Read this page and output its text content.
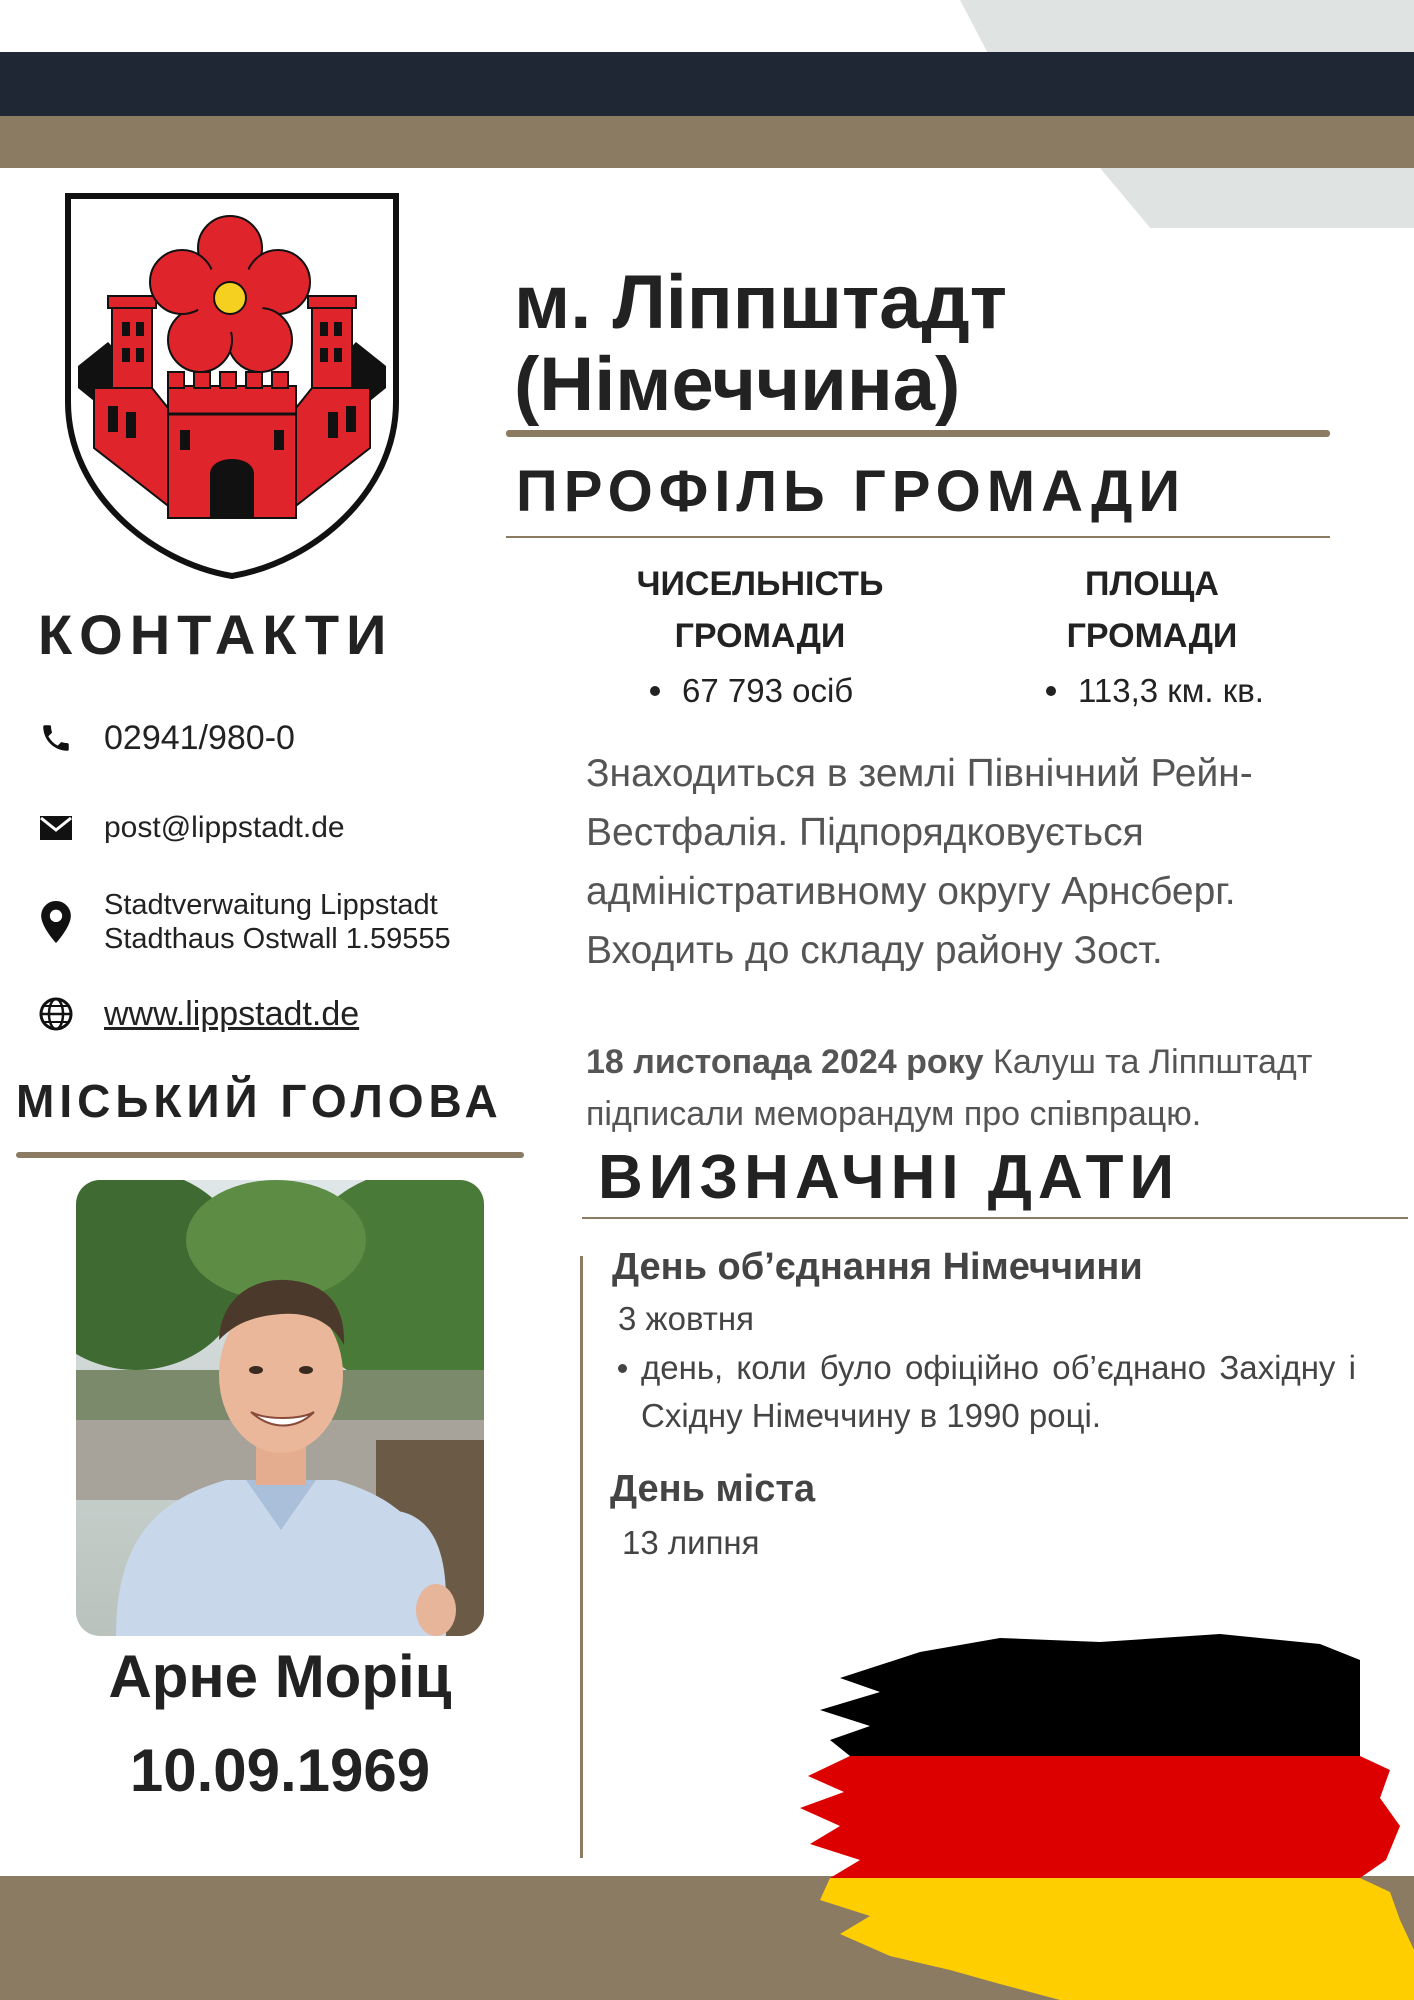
КОНТАКТИ
02941/980-0
post@lippstadt.de
Stadtverwaitung Lippstadt
Stadthaus Ostwall 1.59555
www.lippstadt.de
МІСЬКИЙ ГОЛОВА
Арне Моріц
10.09.1969
м. Ліппштадт
(Німеччина)
ПРОФІЛЬ ГРОМАДИ
ЧИСЕЛЬНІСТЬ
ГРОМАДИ
67 793 осіб
ПЛОЩА
ГРОМАДИ
113,3 км. кв.
Знаходиться в землі Північний Рейн-Вестфалія. Підпорядковується адміністративному округу Арнсберг. Входить до складу району Зост.
18 листопада 2024 року Калуш та Ліппштадт підписали меморандум про співпрацю.
ВИЗНАЧНІ ДАТИ
День об’єднання Німеччини
3 жовтня
день, коли було офіційно об’єднано Західну і Східну Німеччину в 1990 році.
День міста
13 липня
